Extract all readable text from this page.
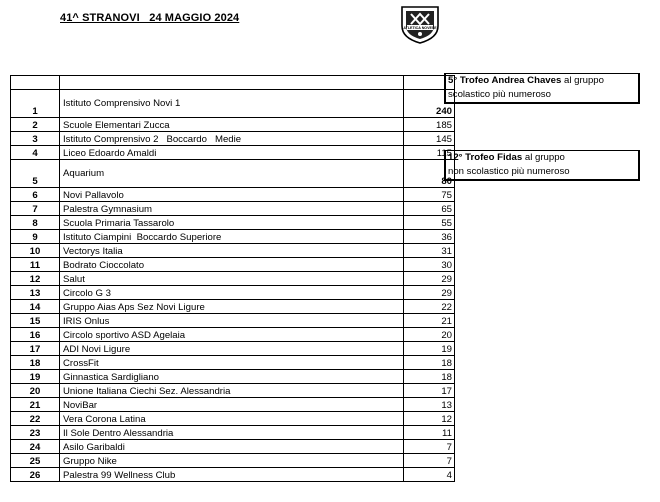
41^ STRANOVI   24 MAGGIO 2024
ATLETICA NOVESE

1	Istituto Comprensivo Novi 1	240
2	Scuole Elementari Zucca	185
3	Istituto Comprensivo 2   Boccardo   Medie	145
4	Liceo Edoardo Amaldi	115
5	Aquarium	80
6	Novi Pallavolo	75
7	Palestra Gymnasium	65
8	Scuola Primaria Tassarolo	55
9	Istituto Ciampini  Boccardo Superiore	36
10	Vectorys Italia	31
11	Bodrato Cioccolato	30
12	Salut	29
13	Circolo G 3	29
14	Gruppo Aias Aps Sez Novi Ligure	22
15	IRIS Onlus	21
16	Circolo sportivo ASD Agelaia	20
17	ADI Novi Ligure	19
18	CrossFit	18
19	Ginnastica Sardigliano	18
20	Unione Italiana Ciechi Sez. Alessandria	17
21	NoviBar	13
22	Vera Corona Latina	12
23	Il Sole Dentro Alessandria	11
24	Asilo Garibaldi	7
25	Gruppo Nike	7
26	Palestra 99 Wellness Club	4
5° Trofeo Andrea Chaves al gruppo
scolastico più numeroso
12° Trofeo Fidas al gruppo
non scolastico più numeroso
